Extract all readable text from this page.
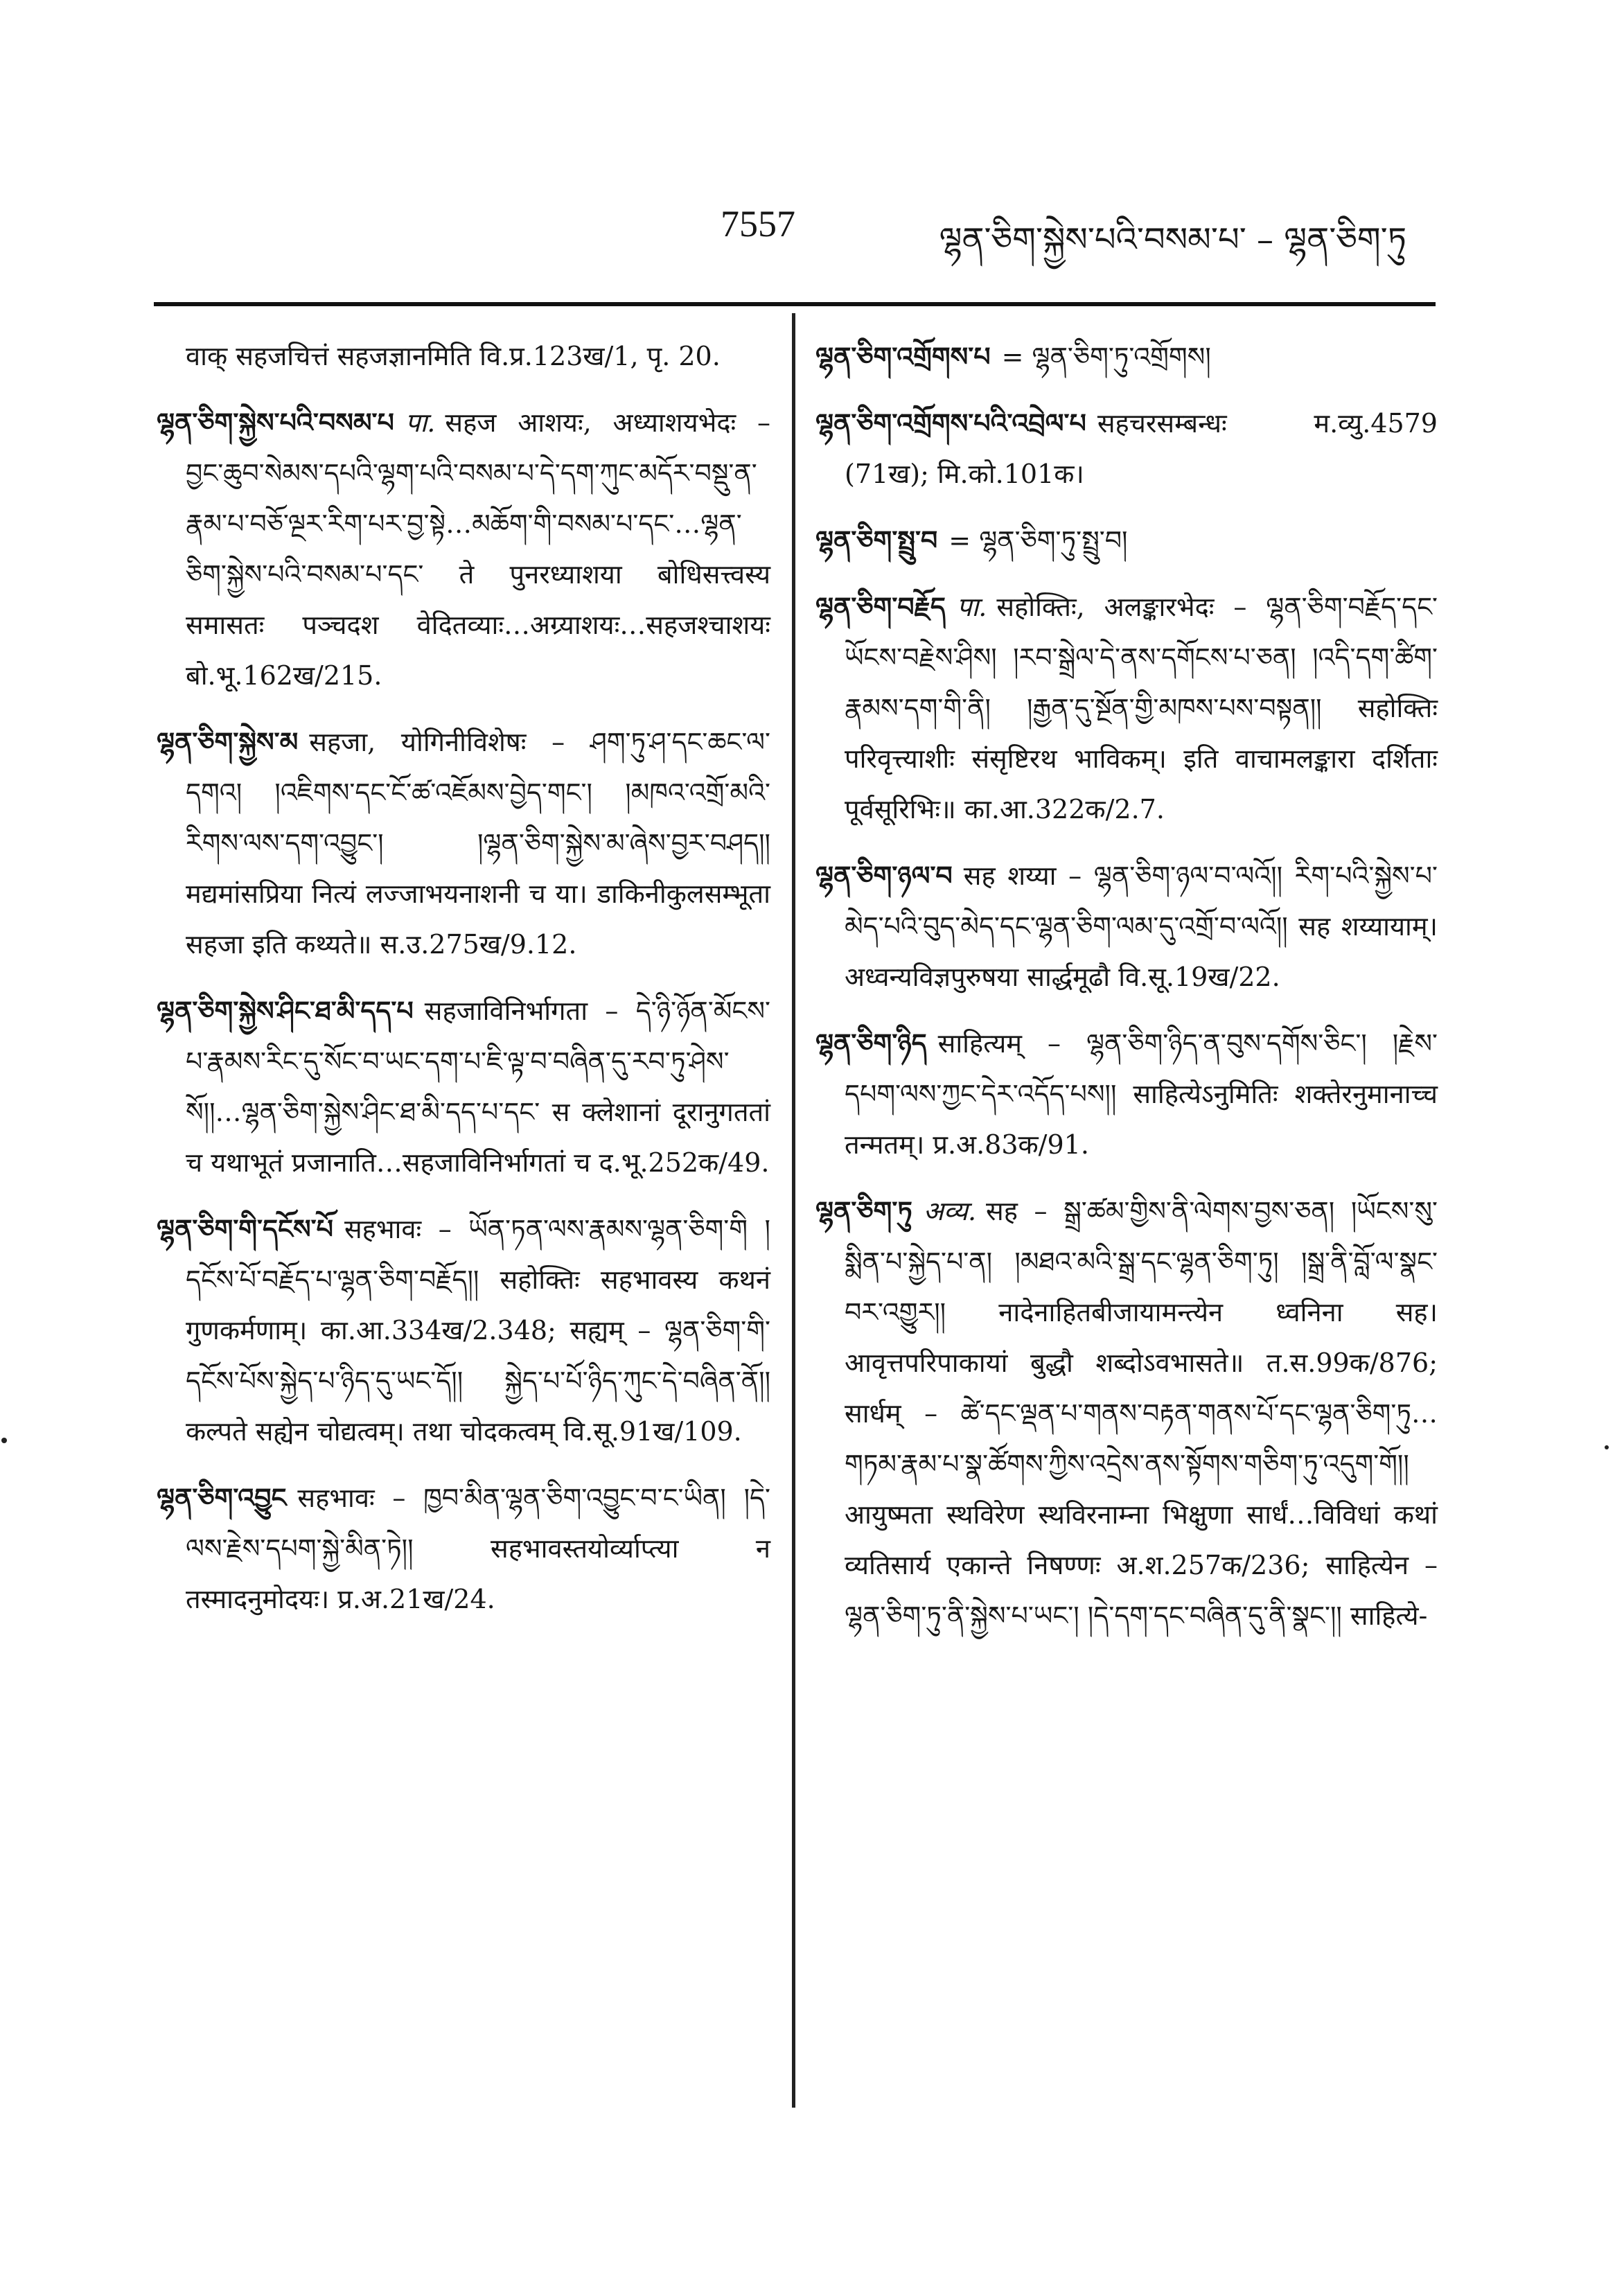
7557	ལྷན་ཅིག་སྐྱེས་པའི་བསམ་པ་ – ལྷན་ཅིག་ཏུ
वाक् सहजचित्तं सहजज्ञानमिति वि.प्र.123ख/1, पृ. 20.
ལྷན་ཅིག་སྐྱེས་པའི་བསམ་པ पा. सहज आशयः, अध्याशयभेदः – བྱང་ཆུབ་སེམས་དཔའི་ལྷག་པའི་བསམ་པ་དེ་དག་ཀུང་མདོར་བསྡུ་ན་རྣམ་པ་བཅོ་ལྔར་རིག་པར་བྱ་སྟེ…མཆོག་གི་བསམ་པ་དང་…ལྷན་ཅིག་སྐྱེས་པའི་བསམ་པ་དང་ ते पुनरध्याशया बोधिसत्त्वस्य समासतः पञ्चदश वेदितव्याः…अग्र्याशयः…सहजश्चाशयः बो.भू.162ख/215.
ལྷན་ཅིག་སྐྱེས་མ सहजा, योगिनीविशेषः – ཤག་ཏུ་ཤ་དང་ཆང་ལ་དགའ། །འཇིགས་དང་ངོ་ཚ་འཇོམས་བྱེད་གང་། །མཁའ་འགྲོ་མའི་རིགས་ལས་དག་འབྱུང་། །ལྷན་ཅིག་སྐྱེས་མ་ཞེས་བྱར་བཤད།། मद्यमांसप्रिया नित्यं लज्जाभयनाशनी च या। डाकिनीकुलसम्भूता सहजा इति कथ्यते॥ स.उ.275ख/9.12.
ལྷན་ཅིག་སྐྱེས་ཤིང་ཐ་མི་དད་པ सहजाविनिर्भागता – དེ་ཉི་ཉོན་མོངས་པ་རྣམས་རིང་དུ་སོང་བ་ཡང་དག་པ་ཇི་ལྟ་བ་བཞིན་དུ་རབ་ཏུ་ཤེས་སོ།།…ལྷན་ཅིག་སྐྱེས་ཤིང་ཐ་མི་དད་པ་དང་ स क्लेशानां दूरानुगततां च यथाभूतं प्रजानाति…सहजाविनिर्भागतां च द.भू.252क/49.
ལྷན་ཅིག་གི་དངོས་པོ सहभावः – ཡོན་ཏན་ལས་རྣམས་ལྷན་ཅིག་གི །དངོས་པོ་བརྗོད་པ་ལྷན་ཅིག་བརྗོད།། सहोक्तिः सहभावस्य कथनं गुणकर्मणाम्। का.आ.334ख/2.348; सह्यम् – ལྷན་ཅིག་གི་དངོས་པོས་སྐྱེད་པ་ཉིད་དུ་ཡང་དོ།། སྐྱེད་པ་པོ་ཉིད་ཀུང་དེ་བཞིན་ནོ།། कल्पते सह्येन चोद्यत्वम्। तथा चोदकत्वम् वि.सू.91ख/109.
ལྷན་ཅིག་འབྱུང सहभावः – ཁྱབ་མིན་ལྷན་ཅིག་འབྱུང་བ་ང་ཡིན། །དེ་ལས་རྗེས་དཔག་སྐྱེ་མིན་ཏེ།། सहभावस्तयोर्व्याप्त्या न तस्मादनुमोदयः। प्र.अ.21ख/24.
ལྷན་ཅིག་འགྲོགས་པ = ལྷན་ཅིག་ཏུ་འགྲོགས།
ལྷན་ཅིག་འགྲོགས་པའི་འབྲེལ་པ सहचरसम्बन्धः म.व्यु.4579 (71ख); मि.को.101क।
ལྷན་ཅིག་སྤྲུ་བ = ལྷན་ཅིག་ཏུ་སྤྲུ་བ།
ལྷན་ཅིག་བརྗོད पा. सहोक्तिः, अलङ्कारभेदः – ལྷན་ཅིག་བརྗོད་དང་ཡོངས་བརྗེས་ཤིས། །རབ་སྒྲེལ་དེ་ནས་དགོངས་པ་ཅན། །འདི་དག་ཚིག་རྣམས་དག་གི་ནི། །རྒྱན་དུ་སྔོན་གྱི་མཁས་པས་བསྟན།། सहोक्तिः परिवृत्त्याशीः संसृष्टिरथ भाविकम्। इति वाचामलङ्कारा दर्शिताः पूर्वसूरिभिः॥ का.आ.322क/2.7.
ལྷན་ཅིག་ཉལ་བ सह शय्या – ལྷན་ཅིག་ཉལ་བ་ལའོ།། རིག་པའི་སྐྱེས་པ་མེད་པའི་བུད་མེད་དང་ལྷན་ཅིག་ལམ་དུ་འགྲོ་བ་ལའོ།། सह शय्यायाम्। अध्वन्यविज्ञपुरुषया सार्द्धमूढौ वि.सू.19ख/22.
ལྷན་ཅིག་ཉིད साहित्यम् – ལྷན་ཅིག་ཉིད་ན་བུས་དགོས་ཅིང་། །རྗེས་དཔག་ལས་ཀྱང་དེར་འདོད་པས།། साहित्येऽनुमितिः शक्तेरनुमानाच्च तन्मतम्। प्र.अ.83क/91.
ལྷན་ཅིག་ཏུ अव्य. सह – སྒྲ་ཚམ་གྱིས་ནི་ལེགས་བྱས་ཅན། །ཡོངས་སུ་སྨིན་པ་སྐྱེད་པ་ན། །མཐའ་མའི་སྒྲ་དང་ལྷན་ཅིག་ཏུ། །སྒྲ་ནི་བློ་ལ་སྣང་བར་འགྱུར།། नादेनाहितबीजायामन्त्येन ध्वनिना सह। आवृत्तपरिपाकायां बुद्धौ शब्दोऽवभासते॥ त.स.99क/876; सार्धम् – ཚེ་དང་ལྡན་པ་གནས་བརྟན་གནས་པོ་དང་ལྷན་ཅིག་ཏུ…གཏམ་རྣམ་པ་སྣ་ཚོགས་ཀྱིས་འདྲེས་ནས་སྟོགས་གཅིག་ཏུ་འདུག་གོ།། आयुष्मता स्थविरेण स्थविरनाम्ना भिक्षुणा सार्धं…विविधां कथां व्यतिसार्य एकान्ते निषण्णः अ.श.257क/236; साहित्येन – ལྷན་ཅིག་ཏུ་ནི་སྐྱེས་པ་ཡང་། །དེ་དག་དང་བཞིན་དུ་ནི་སྣང་།། साहित्ये-
